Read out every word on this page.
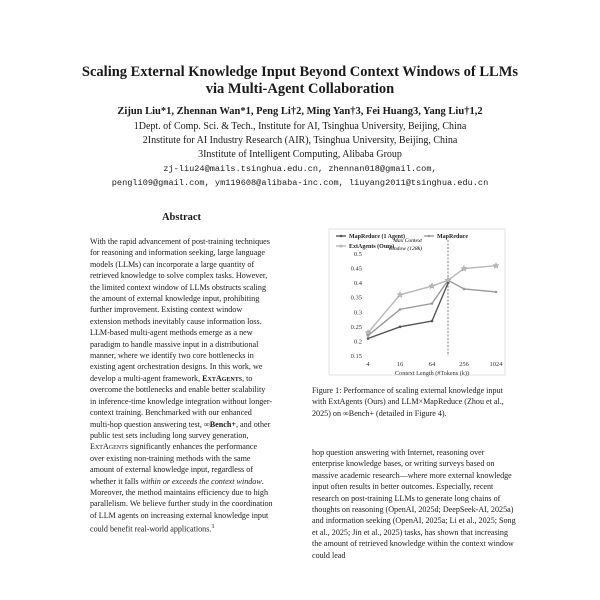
Scaling External Knowledge Input Beyond Context Windows of LLMs
via Multi-Agent Collaboration
Zijun Liu*1, Zhennan Wan*1, Peng Li†2, Ming Yan†3, Fei Huang3, Yang Liu†1,2
1Dept. of Comp. Sci. & Tech., Institute for AI, Tsinghua University, Beijing, China
2Institute for AI Industry Research (AIR), Tsinghua University, Beijing, China
3Institute of Intelligent Computing, Alibaba Group
zj-liu24@mails.tsinghua.edu.cn, zhennan018@gmail.com,
pengli09@gmail.com, ym119608@alibaba-inc.com, liuyang2011@tsinghua.edu.cn
Abstract
With the rapid advancement of post-training techniques for reasoning and information seeking, large language models (LLMs) can incorporate a large quantity of retrieved knowledge to solve complex tasks. However, the limited context window of LLMs obstructs scaling the amount of external knowledge input, prohibiting further improvement. Existing context window extension methods inevitably cause information loss. LLM-based multi-agent methods emerge as a new paradigm to handle massive input in a distributional manner, where we identify two core bottlenecks in existing agent orchestration designs. In this work, we develop a multi-agent framework, ExtAgents, to overcome the bottlenecks and enable better scalability in inference-time knowledge integration without longer-context training. Benchmarked with our enhanced multi-hop question answering test, ∞Bench+, and other public test sets including long survey generation, ExtAgents significantly enhances the performance over existing non-training methods with the same amount of external knowledge input, regardless of whether it falls within or exceeds the context window. Moreover, the method maintains efficiency due to high parallelism. We believe further study in the coordination of LLM agents on increasing external knowledge input could benefit real-world applications.$^1$
MapReduce (1 Agent)	MapReduce
ExtAgents (Ours)
0.15
0.2
0.25
0.3
0.35
0.4
0.45
0.5
4	16	64	256	1024
Context Length (#Tokens (k))
Max Context
Window (128k)
Figure 1: Performance of scaling external knowledge input with ExtAgents (Ours) and LLM×MapReduce (Zhou et al., 2025) on ∞Bench+ (detailed in Figure 4).
hop question answering with Internet, reasoning over enterprise knowledge bases, or writing surveys based on massive academic research—where more external knowledge input often results in better outcomes. Especially, recent research on post-training LLMs to generate long chains of thoughts on reasoning (OpenAI, 2025d; DeepSeek-AI, 2025a) and information seeking (OpenAI, 2025a; Li et al., 2025; Song et al., 2025; Jin et al., 2025) tasks, has shown that increasing the amount of retrieved knowledge within the context window could lead
